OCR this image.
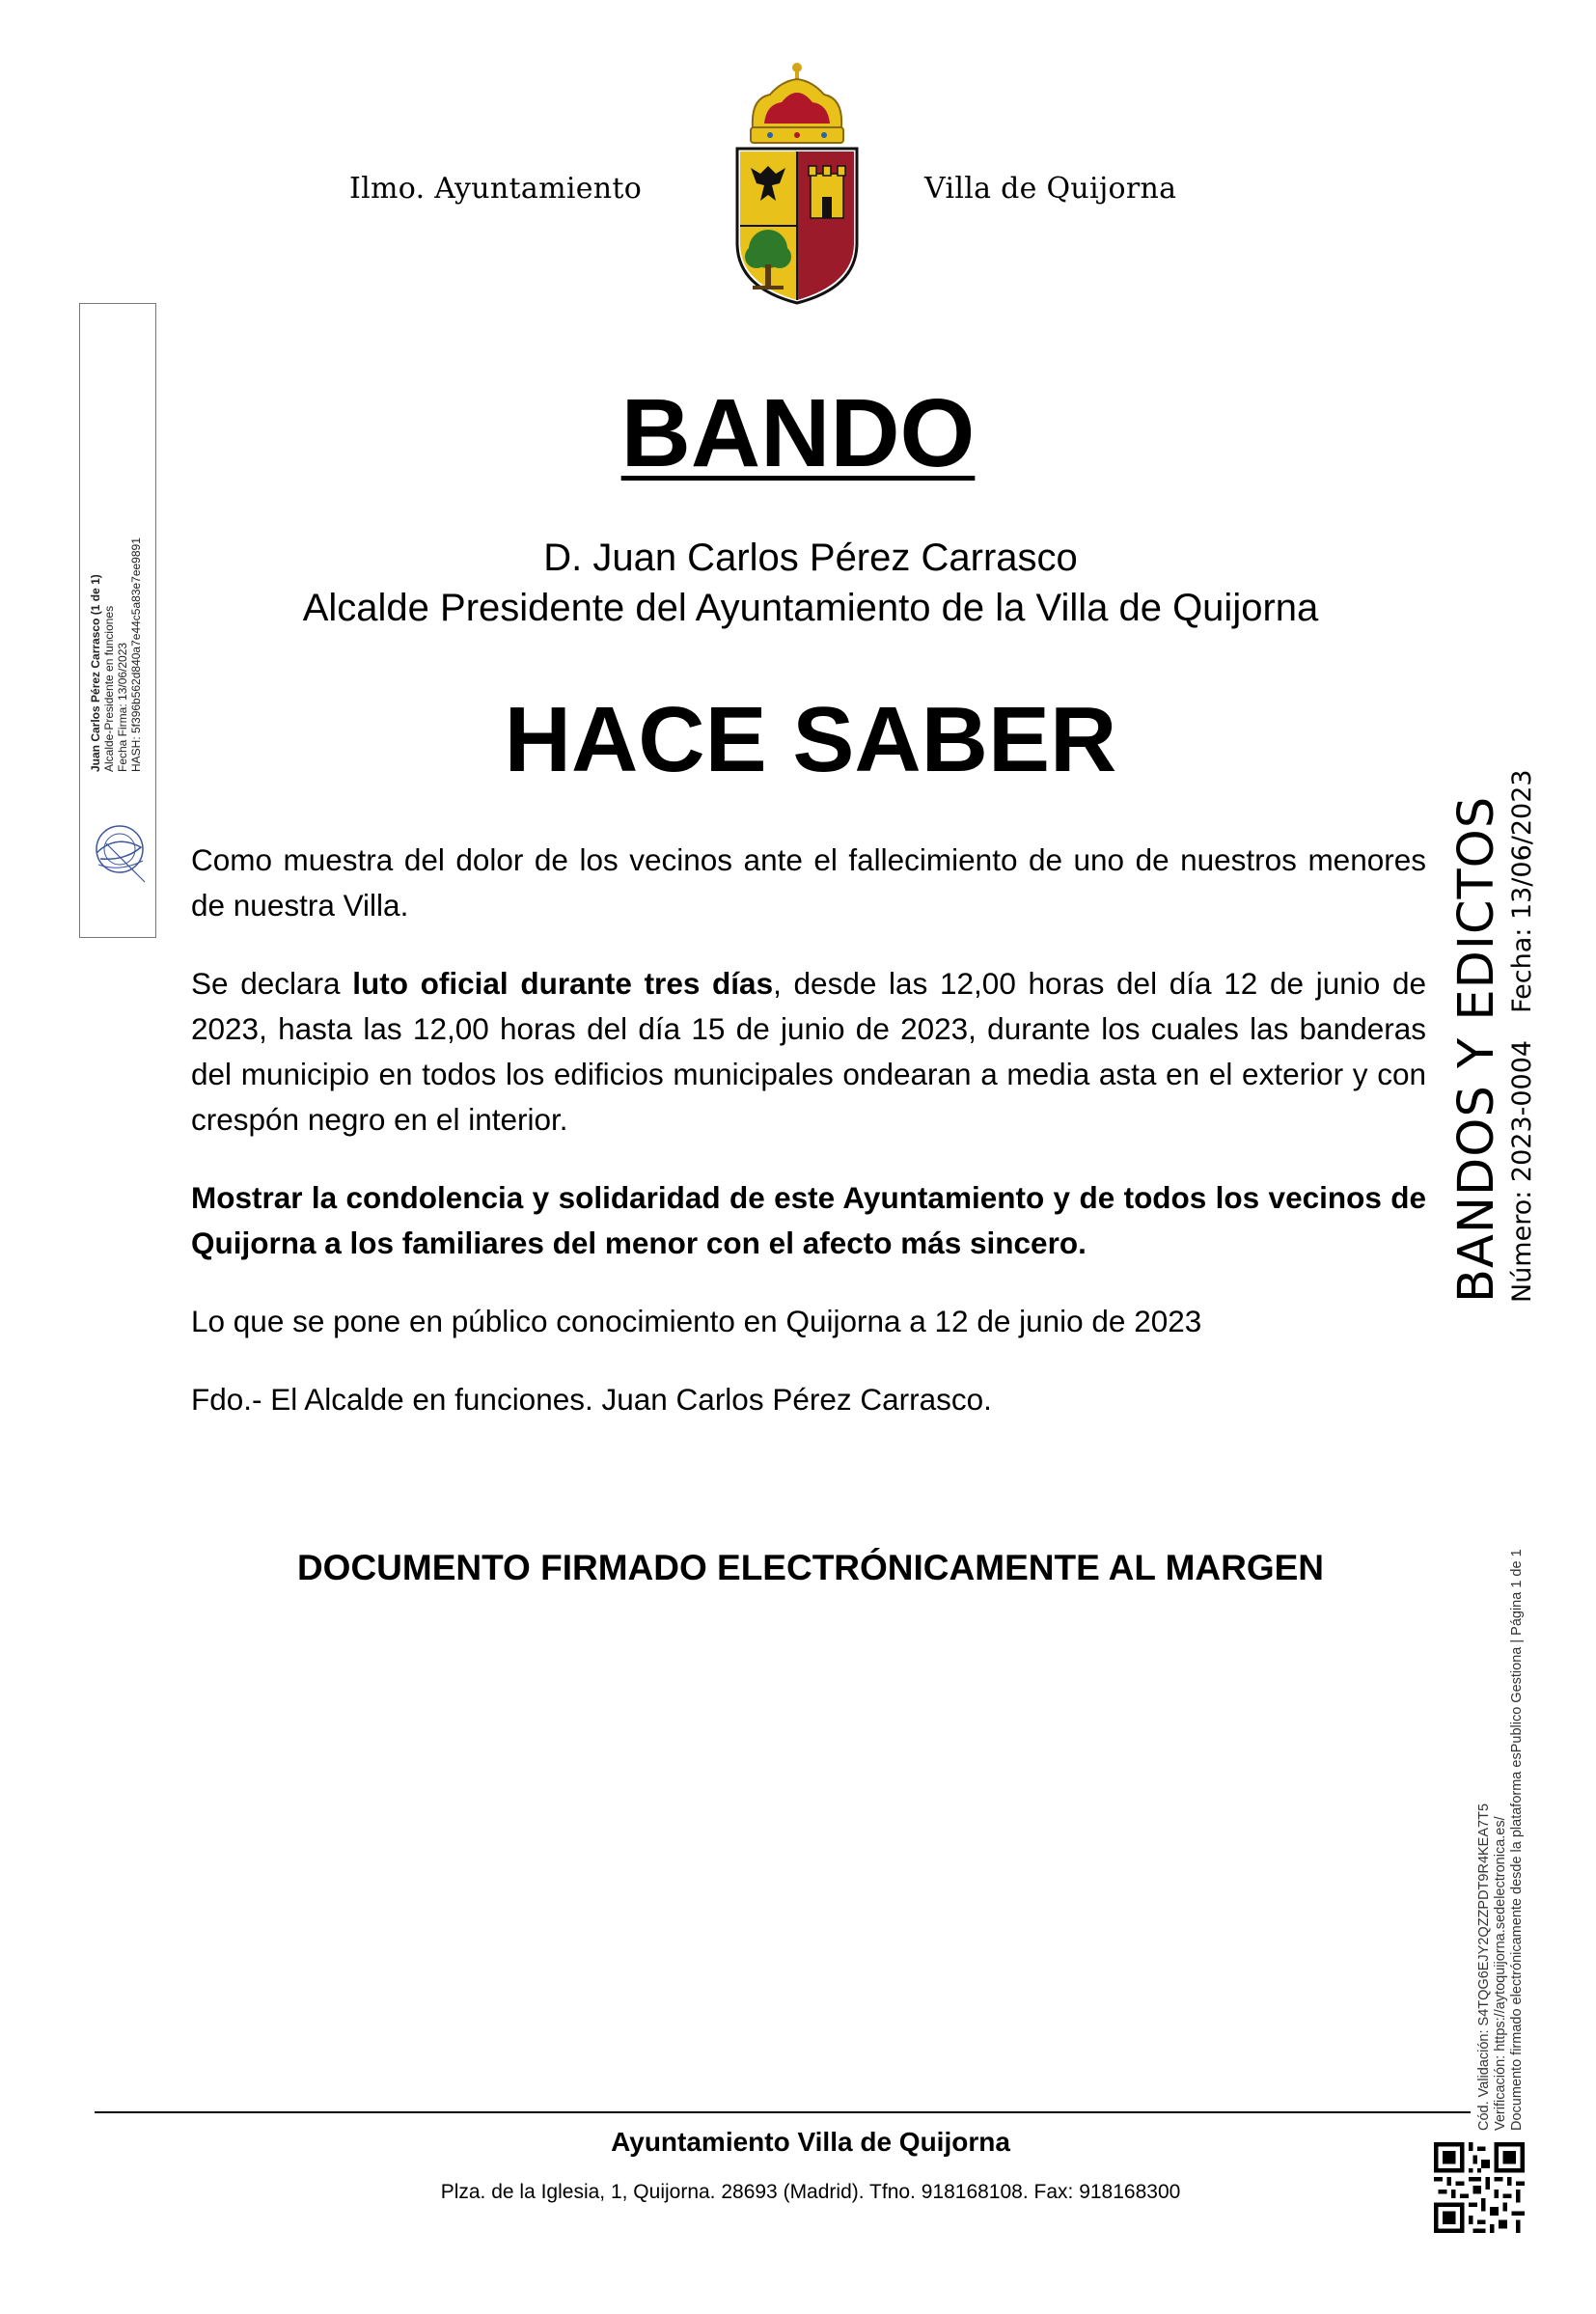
Ilmo. Ayuntamiento	Villa de Quijorna
Juan Carlos Pérez Carrasco (1 de 1) Alcalde-Presidente en funciones Fecha Firma: 13/06/2023 HASH: 5f396b562d840a7e44c5a83e7ee9891
BANDO
D. Juan Carlos Pérez Carrasco
Alcalde Presidente del Ayuntamiento de la Villa de Quijorna
HACE SABER

Como muestra del dolor de los vecinos ante el fallecimiento de uno de nuestros menores de nuestra Villa.

Se declara luto oficial durante tres días, desde las 12,00 horas del día 12 de junio de 2023, hasta las 12,00 horas del día 15 de junio de 2023, durante los cuales las banderas del municipio en todos los edificios municipales ondearan a media asta en el exterior y con crespón negro en el interior.

Mostrar la condolencia y solidaridad de este Ayuntamiento y de todos los vecinos de Quijorna a los familiares del menor con el afecto más sincero.

Lo que se pone en público conocimiento en Quijorna a 12 de junio de 2023

Fdo.- El Alcalde en funciones. Juan Carlos Pérez Carrasco.

BANDOS Y EDICTOS Número: 2023-0004Fecha: 13/06/2023
Cód. Validación: S4TQG6EJY2QZZPDT9R4KEA7T5 Verificación: https://aytoquijorna.sedelectronica.es/ Documento firmado electrónicamente desde la plataforma esPublico Gestiona | Página 1 de 1
DOCUMENTO FIRMADO ELECTRÓNICAMENTE AL MARGEN
Ayuntamiento Villa de Quijorna
Plza. de la Iglesia, 1, Quijorna. 28693 (Madrid). Tfno. 918168108. Fax: 918168300
